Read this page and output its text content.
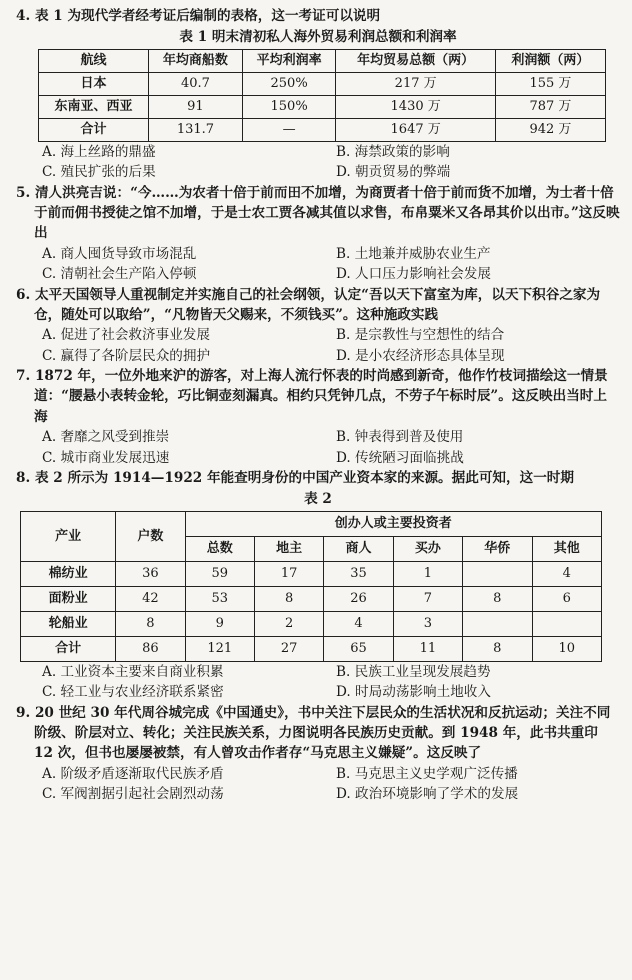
4. 表 1 为现代学者经考证后编制的表格，这一考证可以说明
表 1 明末清初私人海外贸易利润总额和利润率
航线	年均商船数	平均利润率	年均贸易总额（两）	利润额（两）
日本	40.7	250%	217 万	155 万
东南亚、西亚	91	150%	1430 万	787 万
合计	131.7	—	1647 万	942 万
A. 海上丝路的鼎盛	B. 海禁政策的影响
C. 殖民扩张的后果	D. 朝贡贸易的弊端
5. 清人洪亮吉说：“今……为农者十倍于前而田不加增，为商贾者十倍于前而货不加增，为士者十倍于前而佣书授徒之馆不加增，于是士农工贾各减其值以求售，布帛粟米又各昂其价以出市。”这反映出
A. 商人囤货导致市场混乱	B. 土地兼并威胁农业生产
C. 清朝社会生产陷入停顿	D. 人口压力影响社会发展
6. 太平天国领导人重视制定并实施自己的社会纲领，认定“吾以天下富室为库，以天下积谷之家为仓，随处可以取给”，“凡物皆天父赐来，不须钱买”。这种施政实践
A. 促进了社会救济事业发展	B. 是宗教性与空想性的结合
C. 赢得了各阶层民众的拥护	D. 是小农经济形态具体呈现
7. 1872 年，一位外地来沪的游客，对上海人流行怀表的时尚感到新奇，他作竹枝词描绘这一情景道：“腰悬小表转金轮，巧比铜壶刻漏真。相约只凭钟几点，不劳子午标时辰”。这反映出当时上海
A. 奢靡之风受到推崇	B. 钟表得到普及使用
C. 城市商业发展迅速	D. 传统陋习面临挑战
8. 表 2 所示为 1914—1922 年能查明身份的中国产业资本家的来源。据此可知，这一时期
表 2
产业	户数	创办人或主要投资者					
		总数	地主	商人	买办	华侨	其他
棉纺业	36	59	17	35	1		4
面粉业	42	53	8	26	7	8	6
轮船业	8	9	2	4	3		
合计	86	121	27	65	11	8	10
A. 工业资本主要来自商业积累	B. 民族工业呈现发展趋势
C. 轻工业与农业经济联系紧密	D. 时局动荡影响土地收入
9. 20 世纪 30 年代周谷城完成《中国通史》，书中关注下层民众的生活状况和反抗运动；关注不同阶级、阶层对立、转化；关注民族关系，力图说明各民族历史贡献。到 1948 年，此书共重印 12 次，但书也屡屡被禁，有人曾攻击作者存“马克思主义嫌疑”。这反映了
A. 阶级矛盾逐渐取代民族矛盾	B. 马克思主义史学观广泛传播
C. 军阀割据引起社会剧烈动荡	D. 政治环境影响了学术的发展
